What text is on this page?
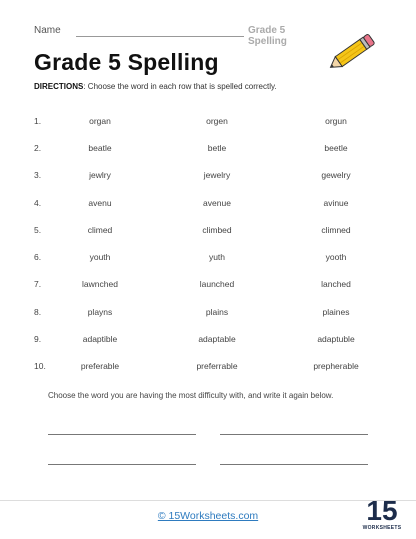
Name	Grade 5 Spelling
Grade 5 Spelling
DIRECTIONS: Choose the word in each row that is spelled correctly.
1.	organ	orgen	orgun
2.	beatle	betle	beetle
3.	jewlry	jewelry	gewelry
4.	avenu	avenue	avinue
5.	climed	climbed	climned
6.	youth	yuth	yooth
7.	lawnched	launched	lanched
8.	playns	plains	plaines
9.	adaptible	adaptable	adaptuble
10.	preferable	preferrable	prepherable
Choose the word you are having the most difficulty with, and write it again below.
© 15Worksheets.com	15
WORKSHEETS
